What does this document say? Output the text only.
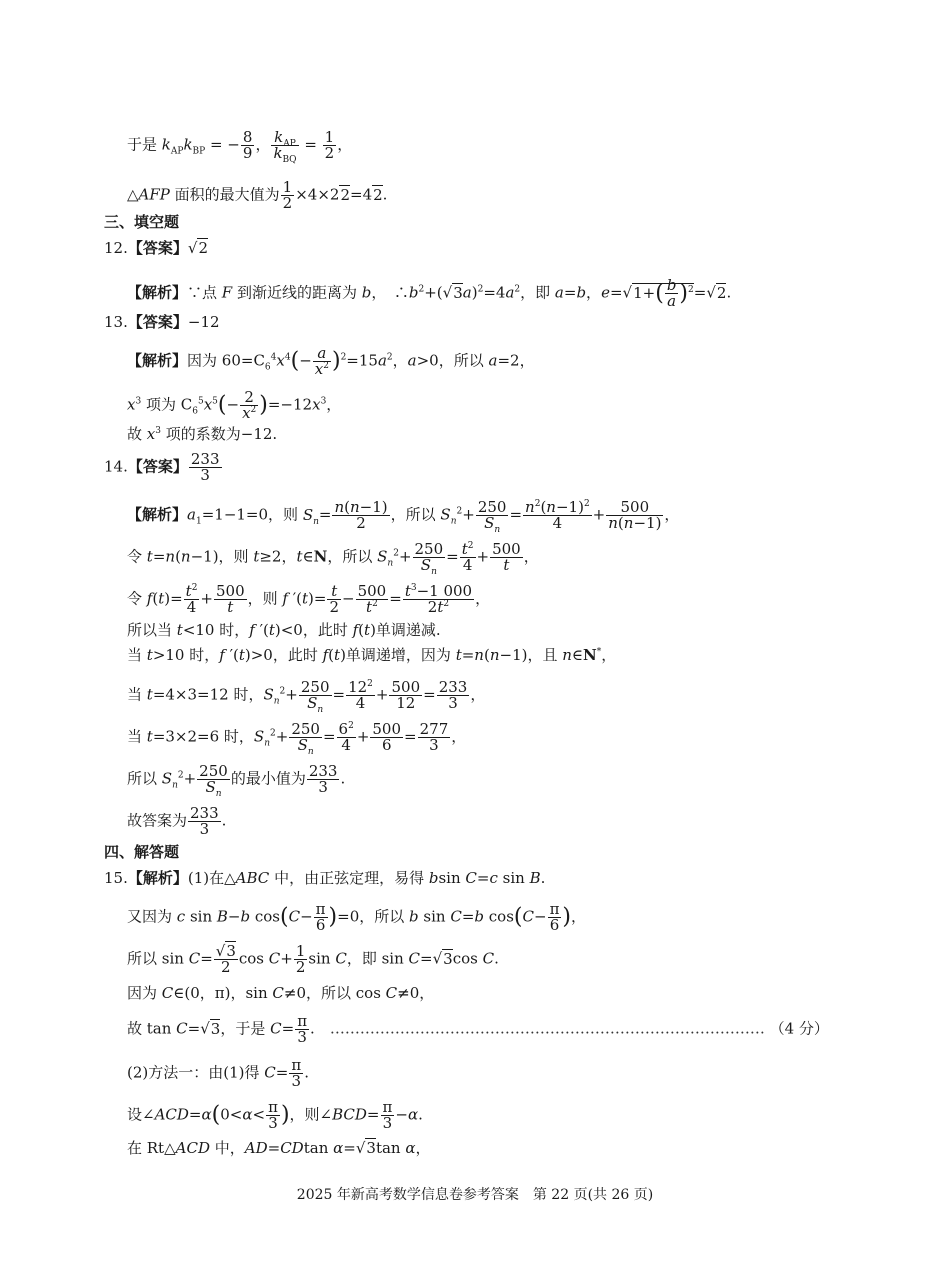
于是 $k_{AP}k_{BP}$ = − $\frac{8}{9}$ ， $\frac{k_{AP}}{k_{BQ}} = \frac{1}{2}$ ，
△AFP 面积的最大值为 $\frac{1}{2} \times 4\times 22=42$.
三、填空题
12.【答案】√2
【解析】∵点 F 到渐近线的距离为 b，　$\therefore b^2+(√3a)^2=4a^2$，即 a=b，$e=√1+( \frac{b}{a} )^2=√2$.
13.【答案】−12
【解析】因为 $60=C_6^4x^4(- \frac{a}{x^2} )^2=15a^2$，a>0，所以 a=2，
$x^3$ 项为 $C_6^5x^5(- \frac{2}{x^2} )=-12x^3$，
故 $x^3$ 项的系数为−12.
14.【答案】 $\frac{233}{3}$
【解析】$a_1=1-1=0$，则 $S_n= \frac{n(n-1)}{2}$ ，所以 $S_n^2+ \frac{250}{S_n} = \frac{n^2(n-1)^2}{4} + \frac{500}{n(n-1)}$ ，
令 t=n(n−1)，则 t≥2，t∈N，所以 $S_n^2+ \frac{250}{S_n} = \frac{t^2}{4} + \frac{500}{t}$ ，
令 $f(t)= \frac{t^2}{4} + \frac{500}{t}$ ，则 f $'(t)= \frac{t}{2} - \frac{500}{t^2} = \frac{t^3-1 000}{2t^2}$ ，
所以当 t<10 时，f ′(t)<0，此时 f(t)单调递减.
当 t>10 时，f ′(t)>0，此时 f(t)单调递增，因为 t=n(n−1)，且 n∈N*，
当 t=4×3=12 时，$S_n^2+ \frac{250}{S_n} = \frac{12^2}{4} + \frac{500}{12} = \frac{233}{3}$ ，
当 t=3×2=6 时，$S_n^2+ \frac{250}{S_n} = \frac{6^2}{4} + \frac{500}{6} = \frac{277}{3}$ ，
所以 $S_n^2+ \frac{250}{S_n}$ 的最小值为 $\frac{233}{3}$ .
故答案为 $\frac{233}{3}$ .
四、解答题
15.【解析】(1)在△ABC 中，由正弦定理，易得 bsin C=c sin B.
又因为 c sin B−b $\cos(C- \frac{\pi}{6} )=0$，所以 b sin C=b $\cos(C- \frac{\pi}{6}$ )，
所以 $\sin C= \frac{√3}{2}$ $\cos C+ \frac{1}{2}$ sin C，即 sin C=√3cos C.
因为 C∈(0，π)，sin C≠0，所以 cos C≠0，
故 tan C=√3，于是 $C= \frac{\pi}{3}$ .　…………………………………………………………………………… （4 分）
(2)方法一：由(1)得 $C= \frac{\pi}{3}$ .
设∠ACD=α(0<α< $\frac{\pi}{3}$ )，则∠BCD= $\frac{\pi}{3} -\alpha$.
在 Rt△ACD 中，AD=CDtan α=√3tan α，
2025 年新高考数学信息卷参考答案　第 22 页(共 26 页)
